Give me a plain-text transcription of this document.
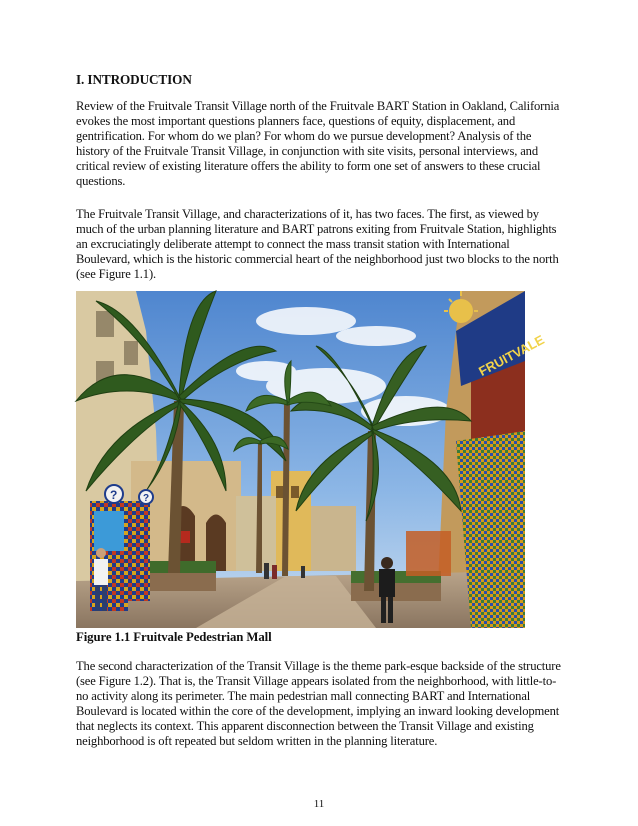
I. INTRODUCTION

Review of the Fruitvale Transit Village north of the Fruitvale BART Station in Oakland, California evokes the most important questions planners face, questions of equity, displacement, and gentrification. For whom do we plan? For whom do we pursue development? Analysis of the history of the Fruitvale Transit Village, in conjunction with site visits, personal interviews, and critical review of existing literature offers the ability to form one set of answers to these crucial questions.

The Fruitvale Transit Village, and characterizations of it, has two faces. The first, as viewed by much of the urban planning literature and BART patrons exiting from Fruitvale Station, highlights an excruciatingly deliberate attempt to connect the mass transit station with International Boulevard, which is the historic commercial heart of the neighborhood just two blocks to the north (see Figure 1.1).

FRUITVALE
?	?
Figure 1.1 Fruitvale Pedestrian Mall

The second characterization of the Transit Village is the theme park-esque backside of the structure (see Figure 1.2). That is, the Transit Village appears isolated from the neighborhood, with little-to-no activity along its perimeter. The main pedestrian mall connecting BART and International Boulevard is located within the core of the development, implying an inward looking development that neglects its context. This apparent disconnection between the Transit Village and existing neighborhood is oft repeated but seldom written in the planning literature.

11
